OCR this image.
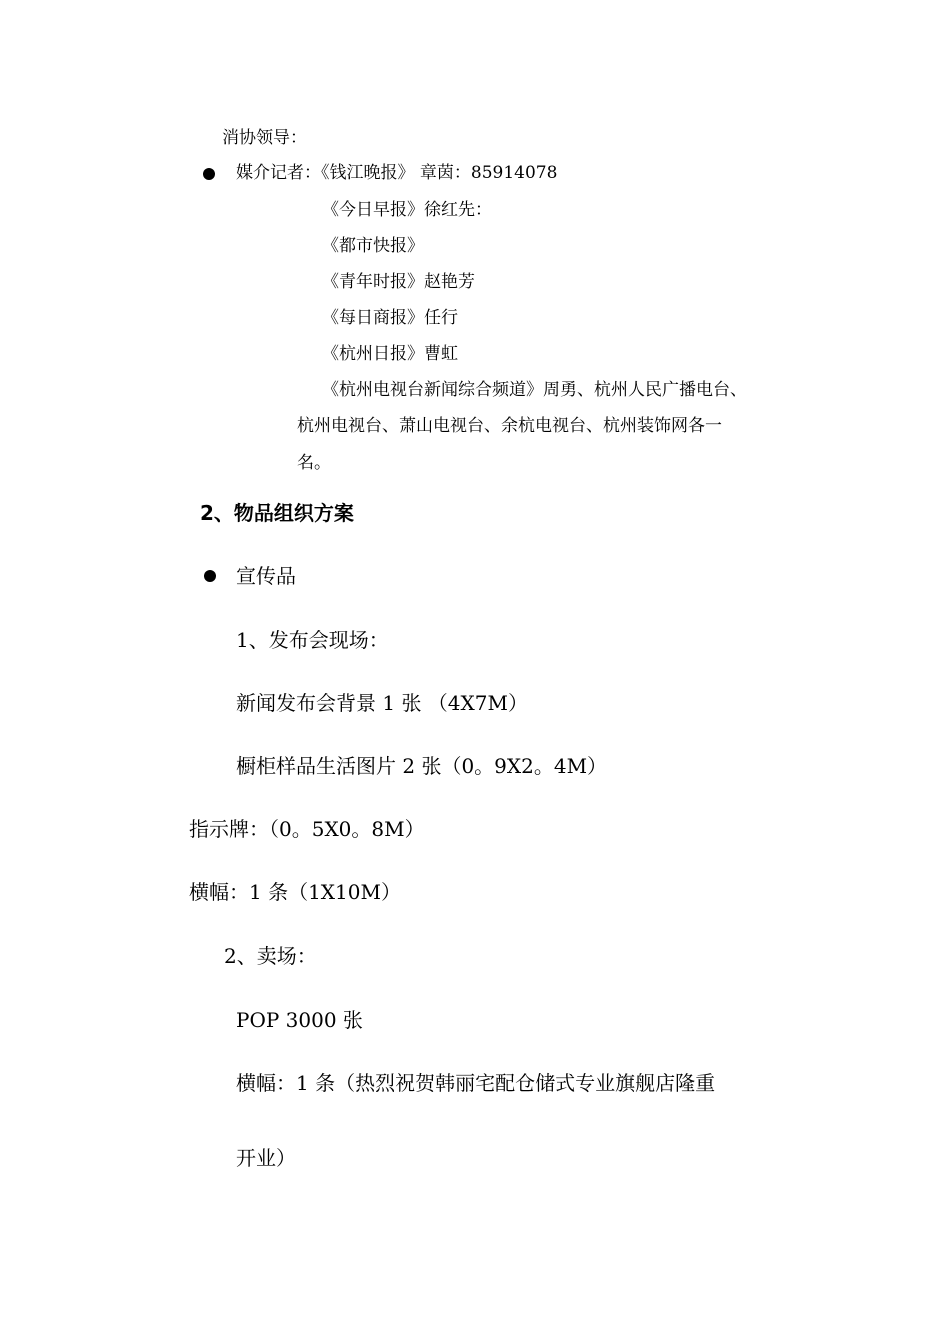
消协领导：
媒介记者：《钱江晚报》 章茵：85914078
《今日早报》徐红先：
《都市快报》
《青年时报》赵艳芳
《每日商报》任行
《杭州日报》曹虹
《杭州电视台新闻综合频道》周勇、杭州人民广播电台、
杭州电视台、萧山电视台、余杭电视台、杭州装饰网各一
名。
2、物品组织方案
宣传品
1、发布会现场：
新闻发布会背景 1 张 （4X7M）
橱柜样品生活图片 2 张（0。9X2。4M）
指示牌：（0。5X0。8M）
横幅：1 条（1X10M）
2、卖场：
POP 3000 张
横幅：1 条（热烈祝贺韩丽宅配仓储式专业旗舰店隆重
开业）
